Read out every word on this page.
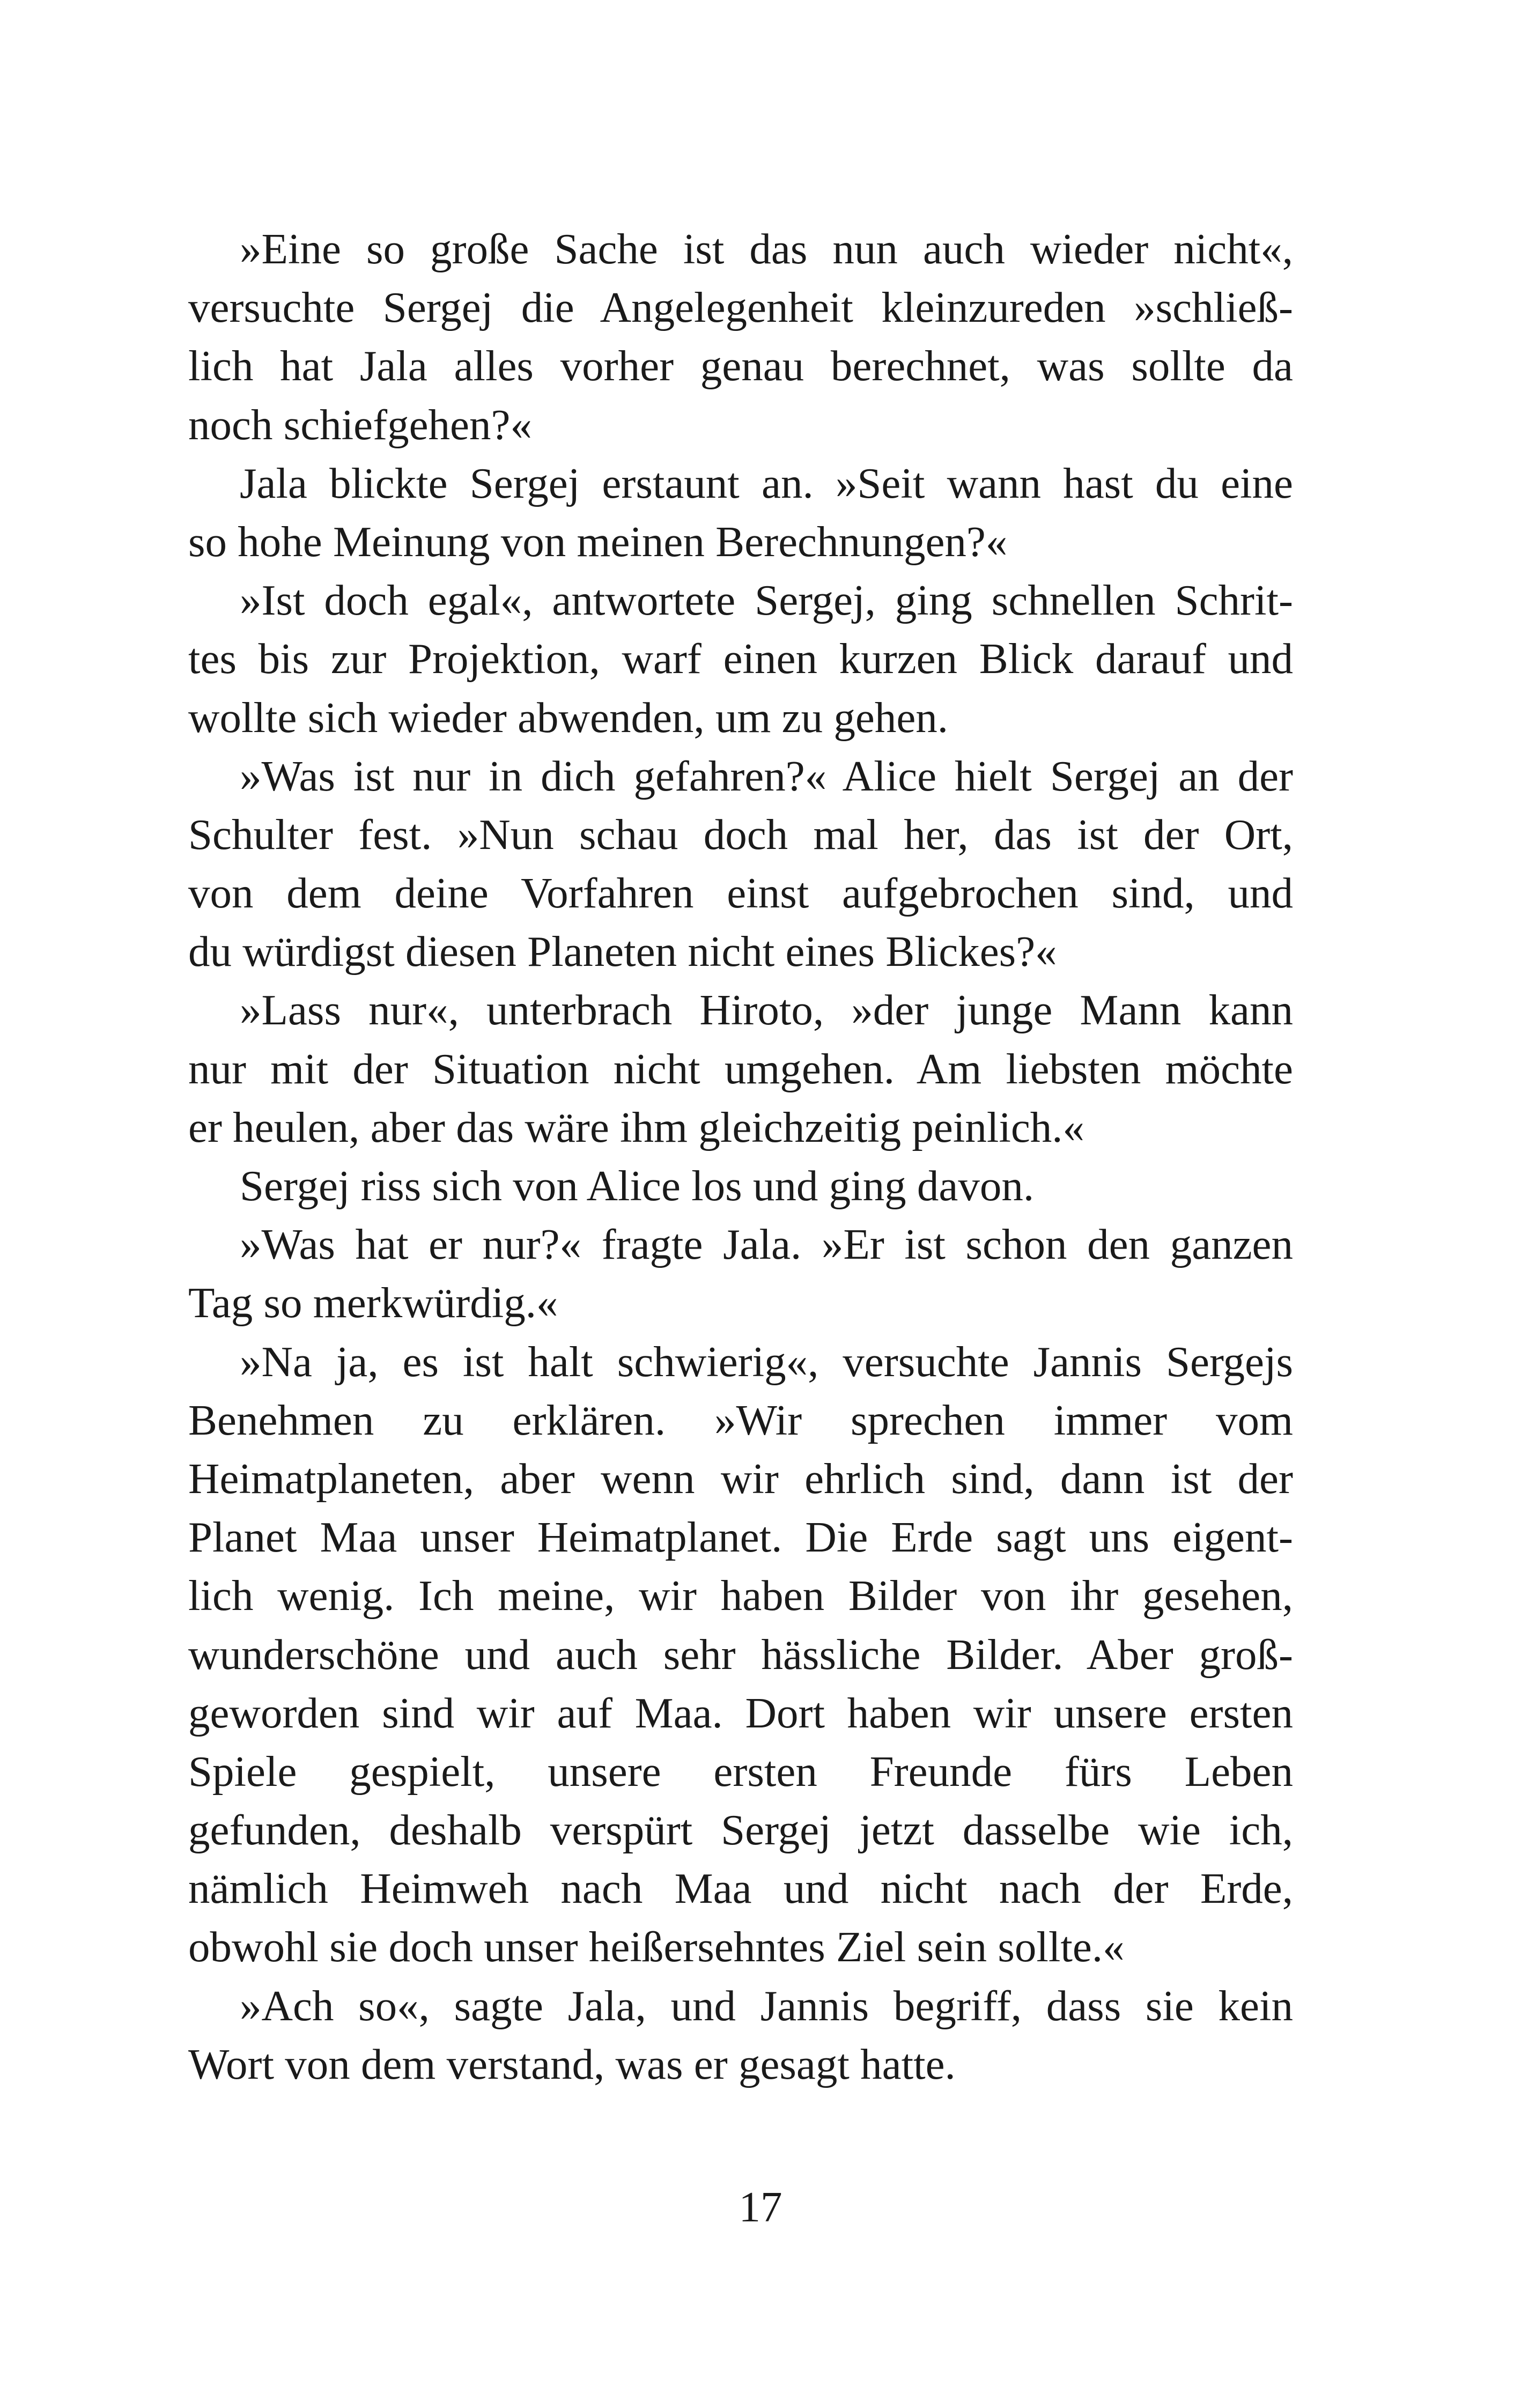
»Eine so große Sache ist das nun auch wieder nicht«,
versuchte Sergej die Angelegenheit kleinzureden »schließ-
lich hat Jala alles vorher genau berechnet, was sollte da
noch schiefgehen?«
Jala blickte Sergej erstaunt an. »Seit wann hast du eine
so hohe Meinung von meinen Berechnungen?«
»Ist doch egal«, antwortete Sergej, ging schnellen Schrit-
tes bis zur Projektion, warf einen kurzen Blick darauf und
wollte sich wieder abwenden, um zu gehen.
»Was ist nur in dich gefahren?« Alice hielt Sergej an der
Schulter fest. »Nun schau doch mal her, das ist der Ort,
von dem deine Vorfahren einst aufgebrochen sind, und
du würdigst diesen Planeten nicht eines Blickes?«
»Lass nur«, unterbrach Hiroto, »der junge Mann kann
nur mit der Situation nicht umgehen. Am liebsten möchte
er heulen, aber das wäre ihm gleichzeitig peinlich.«
Sergej riss sich von Alice los und ging davon.
»Was hat er nur?« fragte Jala. »Er ist schon den ganzen
Tag so merkwürdig.«
»Na ja, es ist halt schwierig«, versuchte Jannis Sergejs
Benehmen zu erklären. »Wir sprechen immer vom
Heimatplaneten, aber wenn wir ehrlich sind, dann ist der
Planet Maa unser Heimatplanet. Die Erde sagt uns eigent-
lich wenig. Ich meine, wir haben Bilder von ihr gesehen,
wunderschöne und auch sehr hässliche Bilder. Aber groß-
geworden sind wir auf Maa. Dort haben wir unsere ersten
Spiele gespielt, unsere ersten Freunde fürs Leben
gefunden, deshalb verspürt Sergej jetzt dasselbe wie ich,
nämlich Heimweh nach Maa und nicht nach der Erde,
obwohl sie doch unser heißersehntes Ziel sein sollte.«
»Ach so«, sagte Jala, und Jannis begriff, dass sie kein
Wort von dem verstand, was er gesagt hatte.
17
